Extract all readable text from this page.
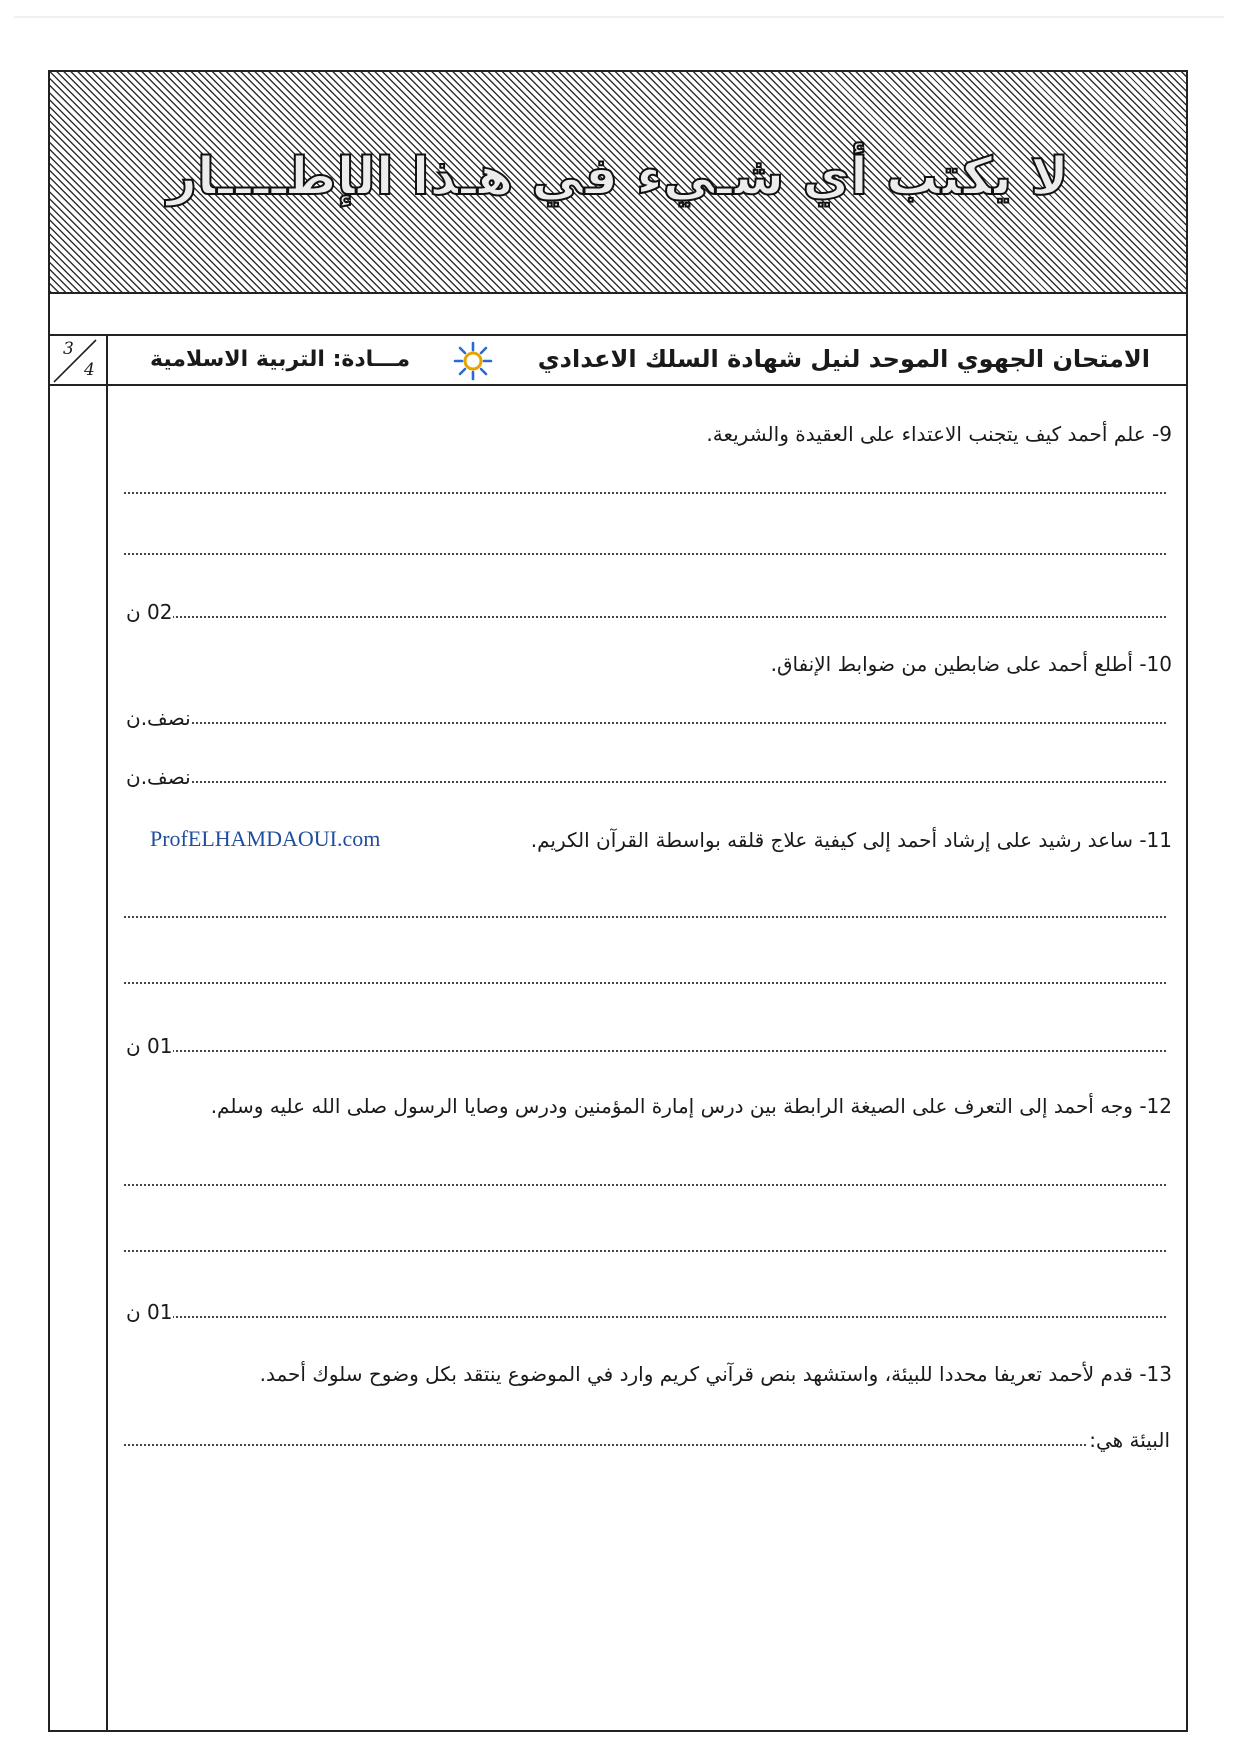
لا يكتب أي شـيء في هـذا الإطــــار
3
4	مـــادة: التربية الاسلامية	الامتحان الجهوي الموحد لنيل شهادة السلك الاعدادي
9- علم أحمد كيف يتجنب الاعتداء على العقيدة والشريعة.
02 ن
10- أطلع أحمد على ضابطين من ضوابط الإنفاق.
نصف.ن
نصف.ن
ProfELHAMDAOUI.com	11- ساعد رشيد على إرشاد أحمد إلى كيفية علاج قلقه بواسطة القرآن الكريم.
01 ن
12- وجه أحمد إلى التعرف على الصيغة الرابطة بين درس إمارة المؤمنين ودرس وصايا الرسول صلى الله عليه وسلم.
01 ن
13- قدم لأحمد تعريفا محددا للبيئة، واستشهد بنص قرآني كريم وارد في الموضوع ينتقد بكل وضوح سلوك أحمد.
البيئة هي:
